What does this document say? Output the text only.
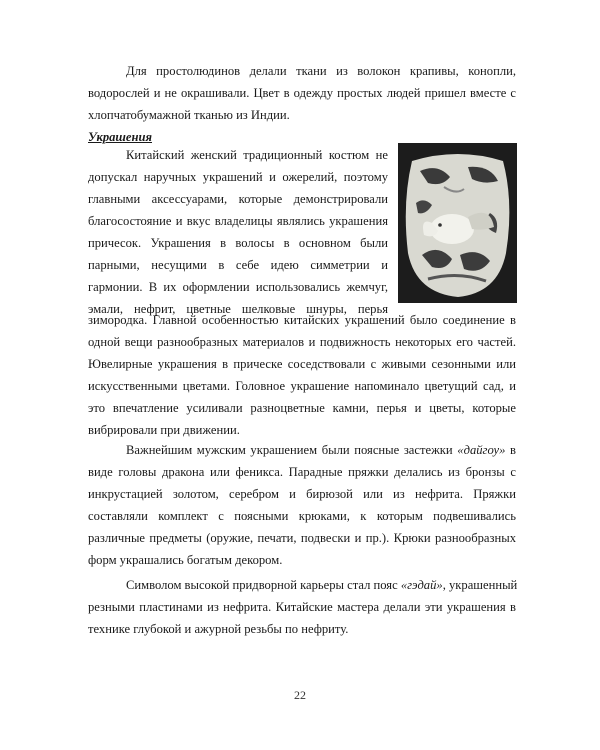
Для простолюдинов делали ткани из волокон крапивы, конопли,
водорослей и не окрашивали. Цвет в одежду простых людей пришел вместе с
хлопчатобумажной тканью из Индии.
Украшения
Китайский женский традиционный костюм не
допускал наручных украшений и ожерелий, поэтому
главными аксессуарами, которые демонстрировали
благосостояние и вкус владелицы являлись украшения
причесок. Украшения в волосы в основном были
парными, несущими в себе идею симметрии и
гармонии. В их оформлении использовались жемчуг,
эмали, нефрит, цветные шелковые шнуры, перья
зимородка. Главной особенностью китайских украшений было соединение в
одной вещи разнообразных материалов и подвижность некоторых его частей.
Ювелирные украшения в прическе соседствовали с живыми сезонными или
искусственными цветами. Головное украшение напоминало цветущий сад, и
это впечатление усиливали разноцветные камни, перья и цветы, которые
вибрировали при движении.
Важнейшим мужским украшением были поясные застежки «дайгоу» в
виде головы дракона или феникса. Парадные пряжки делались из бронзы с
инкрустацией золотом, серебром и бирюзой или из нефрита. Пряжки
составляли комплект с поясными крюками, к которым подвешивались
различные предметы (оружие, печати, подвески и пр.). Крюки разнообразных
форм украшались богатым декором.
Символом высокой придворной карьеры стал пояс «гэдай», украшенный
резными пластинами из нефрита. Китайские мастера делали эти украшения в
технике глубокой и ажурной резьбы по нефриту.
22
